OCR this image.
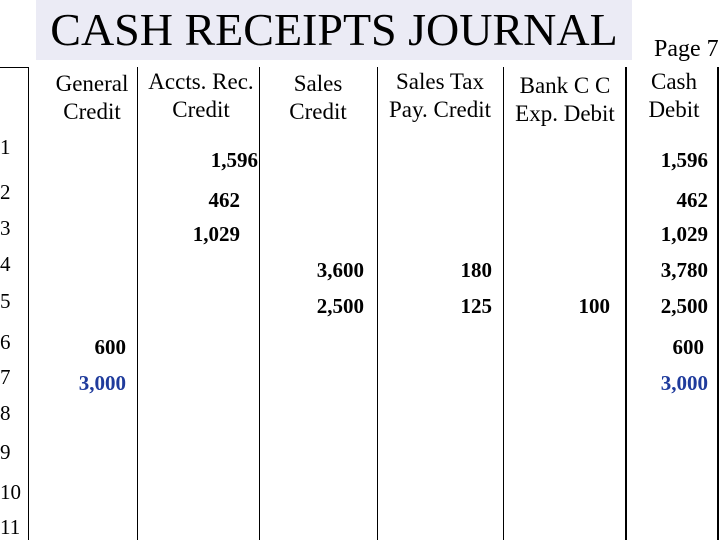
CASH RECEIPTS JOURNAL	Page 7
General
Credit
Accts. Rec.
Credit
Sales
Credit
Sales Tax
Pay. Credit
Bank C C
Exp. Debit
Cash
Debit
1
2
3
4
5
6
7
8
9
10
11
1,596
462
1,029
3,600
2,500
180
125	100
600
3,000
1,596
462
1,029
3,780
2,500
600
3,000
